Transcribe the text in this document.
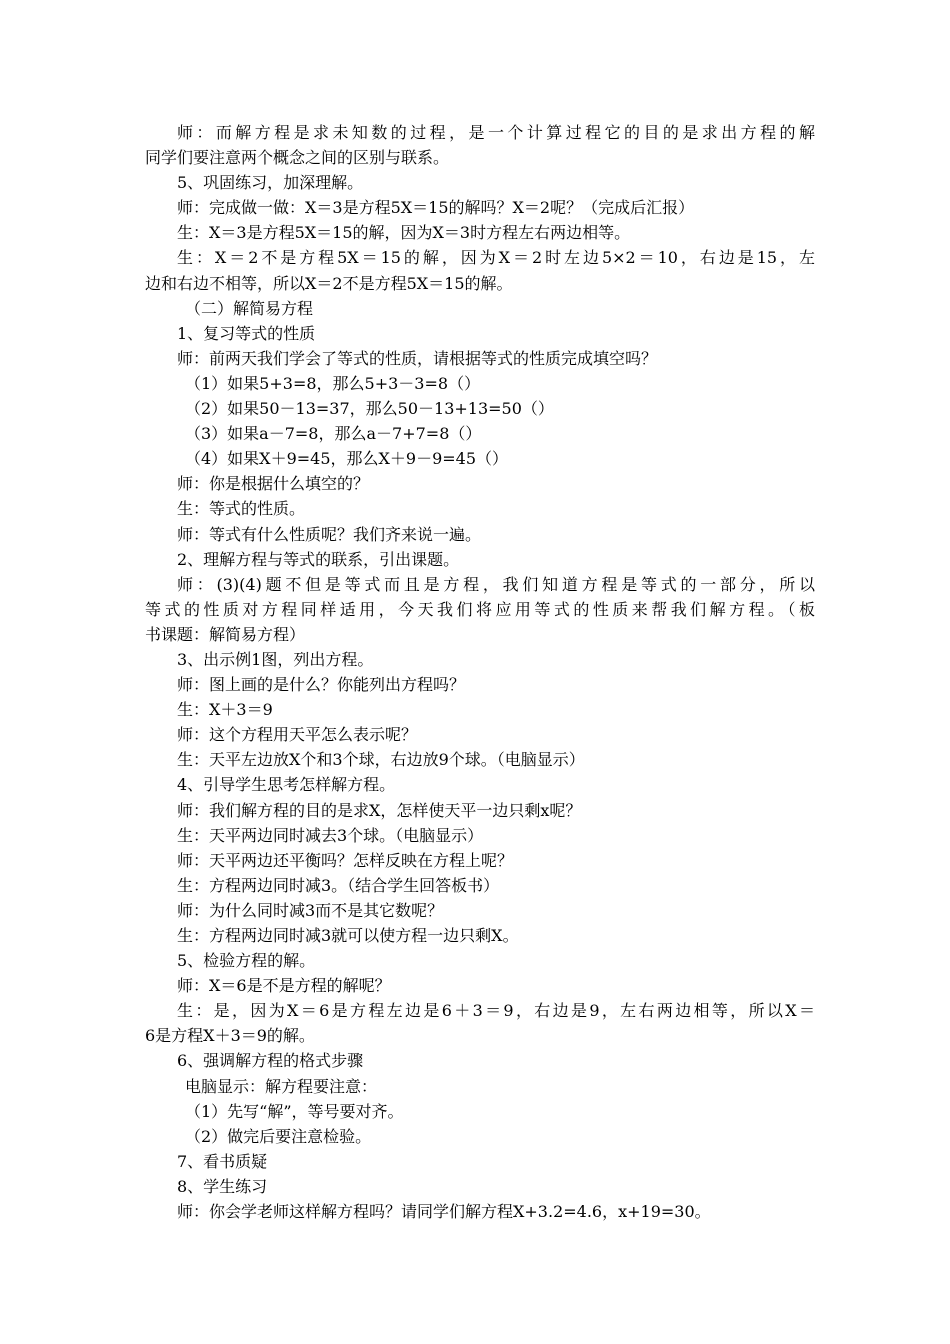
师：而解方程是求未知数的过程，是一个计算过程它的目的是求出方程的解
同学们要注意两个概念之间的区别与联系。
5、巩固练习，加深理解。
师：完成做一做：X＝3是方程5X＝15的解吗？X＝2呢？（完成后汇报）
生：X＝3是方程5X＝15的解，因为X＝3时方程左右两边相等。
生：X＝2不是方程5X＝15的解，因为X＝2时左边5×2＝10，右边是15，左
边和右边不相等，所以X＝2不是方程5X＝15的解。
（二）解简易方程
1、复习等式的性质
师：前两天我们学会了等式的性质，请根据等式的性质完成填空吗？
（1）如果5+3=8，那么5+3－3=8（）
（2）如果50－13=37，那么50－13+13=50（）
（3）如果a－7=8，那么a－7+7=8（）
（4）如果X＋9=45，那么X＋9－9=45（）
师：你是根据什么填空的？
生：等式的性质。
师：等式有什么性质呢？我们齐来说一遍。
2、理解方程与等式的联系，引出课题。
师：(3)(4)题不但是等式而且是方程，我们知道方程是等式的一部分，所以
等式的性质对方程同样适用，今天我们将应用等式的性质来帮我们解方程。（板
书课题：解简易方程）
3、出示例1图，列出方程。
师：图上画的是什么？你能列出方程吗？
生：X＋3＝9
师：这个方程用天平怎么表示呢？
生：天平左边放X个和3个球，右边放9个球。（电脑显示）
4、引导学生思考怎样解方程。
师：我们解方程的目的是求X，怎样使天平一边只剩x呢？
生：天平两边同时减去3个球。（电脑显示）
师：天平两边还平衡吗？怎样反映在方程上呢？
生：方程两边同时减3。（结合学生回答板书）
师：为什么同时减3而不是其它数呢？
生：方程两边同时减3就可以使方程一边只剩X。
5、检验方程的解。
师：X＝6是不是方程的解呢？
生：是，因为X＝6是方程左边是6＋3＝9，右边是9，左右两边相等，所以X＝
6是方程X＋3＝9的解。
6、强调解方程的格式步骤
电脑显示：解方程要注意：
（1）先写“解”，等号要对齐。
（2）做完后要注意检验。
7、看书质疑
8、学生练习
师：你会学老师这样解方程吗？请同学们解方程X+3.2=4.6，x+19=30。
